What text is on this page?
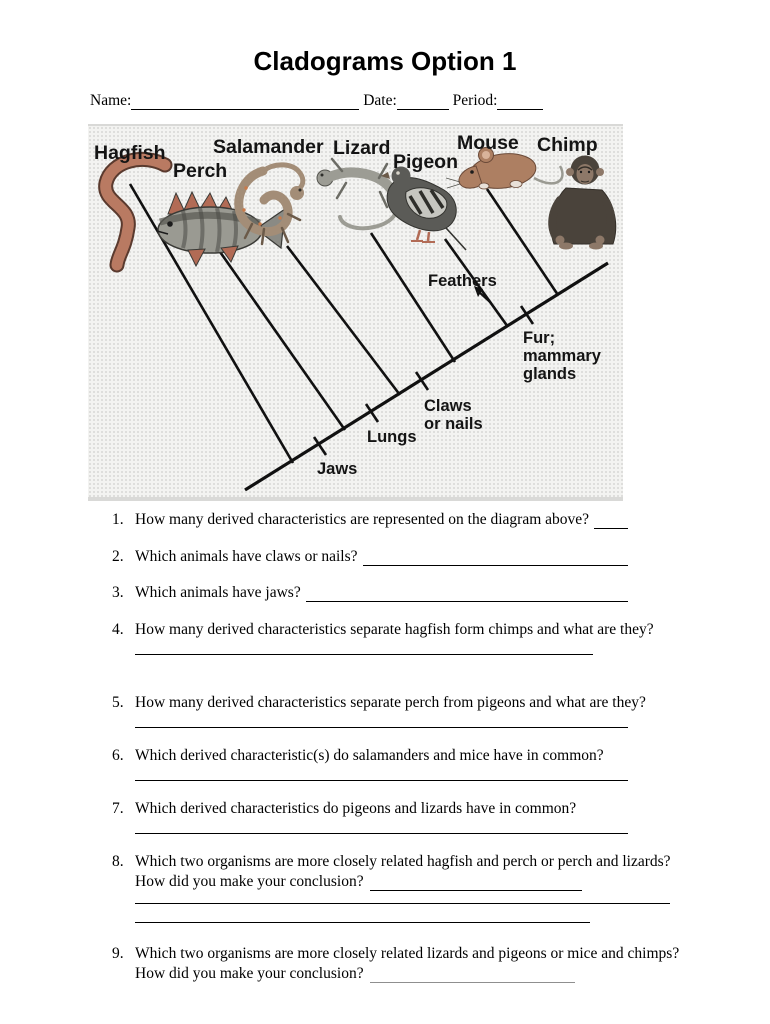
Cladograms Option 1
Name:
	Date:
	Period:
Hagfish
Perch
Salamander Lizard
Pigeon
Mouse Chimp
Jaws
Lungs
Claws
or nails
Feathers
Fur;
mammary
glands
1. How many derived characteristics are represented on the diagram above?
2. Which animals have claws or nails?
3. Which animals have jaws?
4. How many derived characteristics separate hagfish form chimps and what are they?
5. How many derived characteristics separate perch from pigeons and what are they?
6. Which derived characteristic(s) do salamanders and mice have in common?
7. Which derived characteristics do pigeons and lizards have in common?
8. Which two organisms are more closely related hagfish and perch or perch and lizards?
How did you make your conclusion?
9. Which two organisms are more closely related lizards and pigeons or mice and chimps?
How did you make your conclusion?
